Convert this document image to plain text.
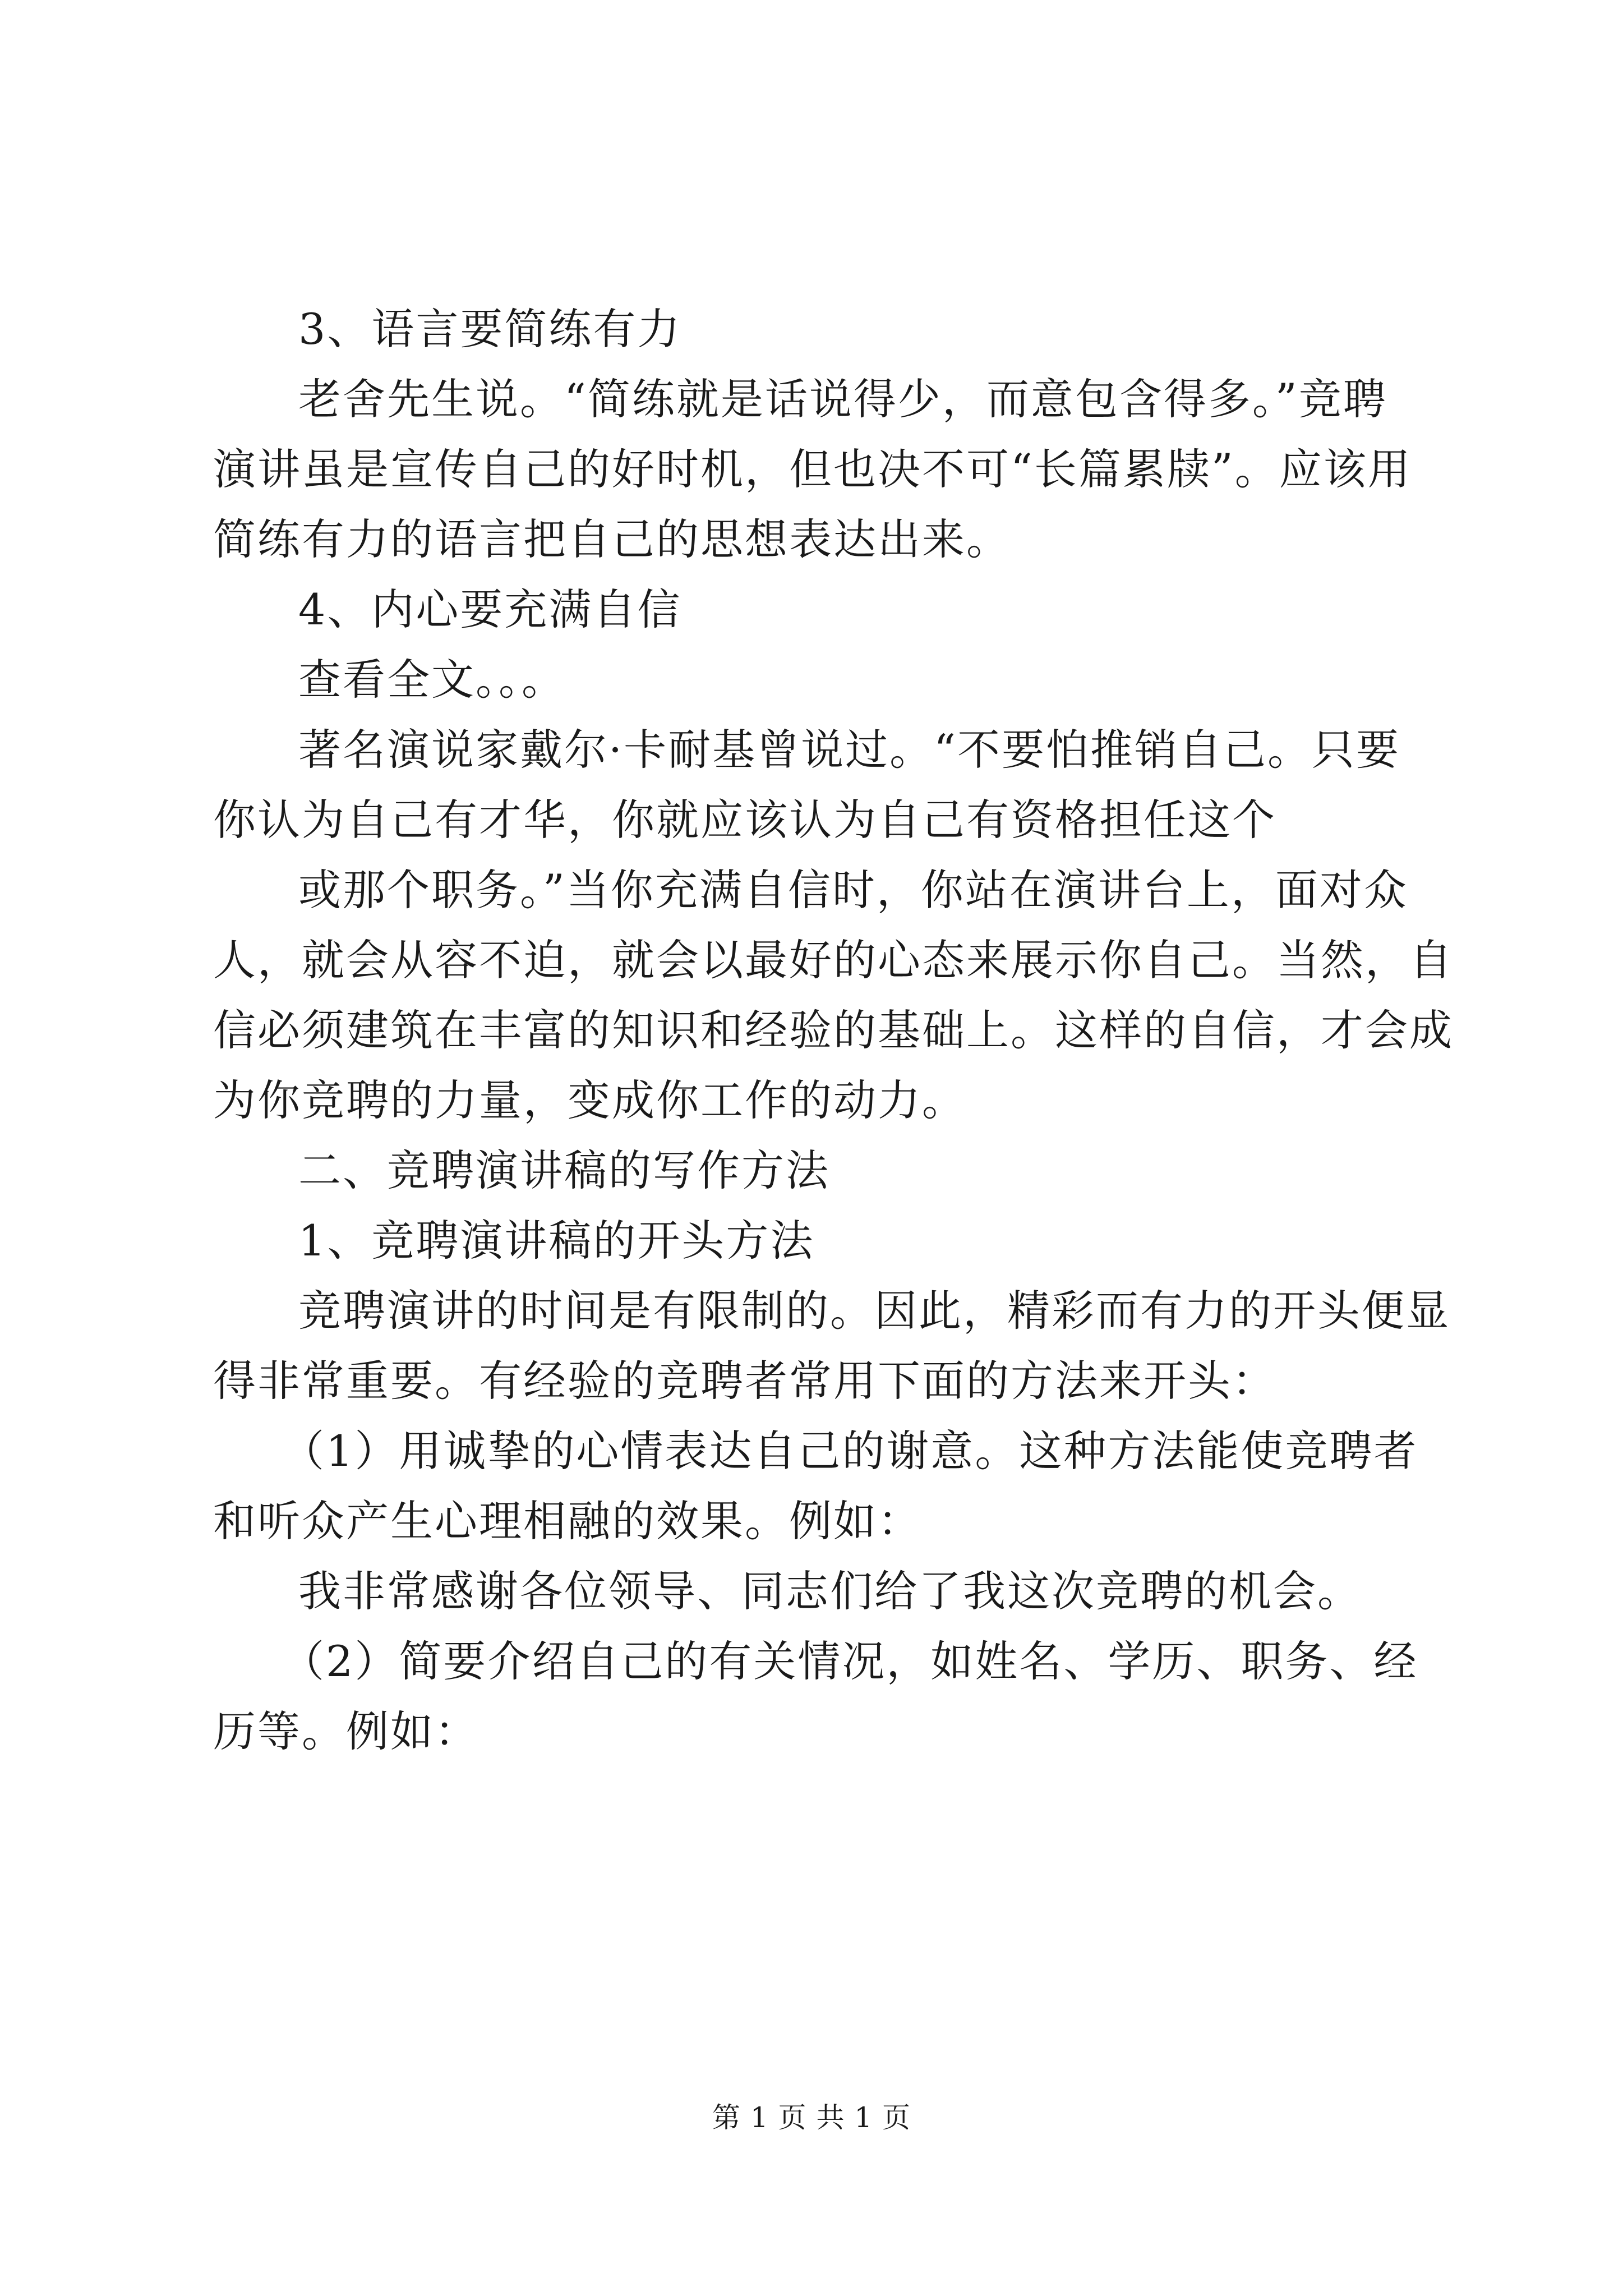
3、语言要简练有力

老舍先生说。“简练就是话说得少，而意包含得多。”竞聘
演讲虽是宣传自己的好时机，但也决不可“长篇累牍”。应该用
简练有力的语言把自己的思想表达出来。

4、内心要充满自信

查看全文。。。

著名演说家戴尔·卡耐基曾说过。“不要怕推销自己。只要
你认为自己有才华，你就应该认为自己有资格担任这个

或那个职务。”当你充满自信时，你站在演讲台上，面对众
人，就会从容不迫，就会以最好的心态来展示你自己。当然，自
信必须建筑在丰富的知识和经验的基础上。这样的自信，才会成
为你竞聘的力量，变成你工作的动力。

二、竞聘演讲稿的写作方法

1、竞聘演讲稿的开头方法

竞聘演讲的时间是有限制的。因此，精彩而有力的开头便显
得非常重要。有经验的竞聘者常用下面的方法来开头：

（1）用诚挚的心情表达自己的谢意。这种方法能使竞聘者
和听众产生心理相融的效果。例如：

我非常感谢各位领导、同志们给了我这次竞聘的机会。

（2）简要介绍自己的有关情况，如姓名、学历、职务、经
历等。例如：

第 1 页 共 1 页
